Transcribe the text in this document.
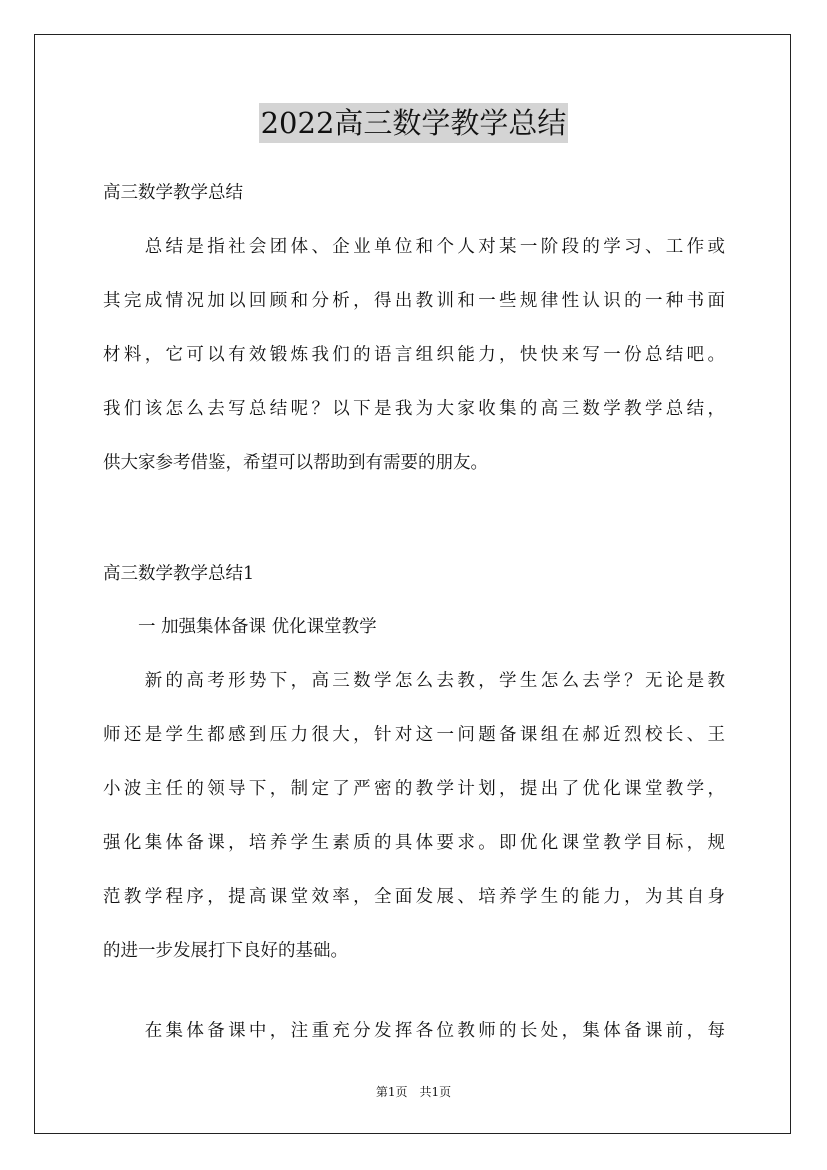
2022高三数学教学总结
高三数学教学总结
　　总结是指社会团体、企业单位和个人对某一阶段的学习、工作或
其完成情况加以回顾和分析，得出教训和一些规律性认识的一种书面
材料，它可以有效锻炼我们的语言组织能力，快快来写一份总结吧。
我们该怎么去写总结呢？以下是我为大家收集的高三数学教学总结，
供大家参考借鉴，希望可以帮助到有需要的朋友。
高三数学教学总结1
　　一 加强集体备课 优化课堂教学
　　新的高考形势下，高三数学怎么去教，学生怎么去学？无论是教
师还是学生都感到压力很大，针对这一问题备课组在郝近烈校长、王
小波主任的领导下，制定了严密的教学计划，提出了优化课堂教学，
强化集体备课，培养学生素质的具体要求。即优化课堂教学目标，规
范教学程序，提高课堂效率，全面发展、培养学生的能力，为其自身
的进一步发展打下良好的基础。
　　在集体备课中，注重充分发挥各位教师的长处，集体备课前，每
第1页　共1页
